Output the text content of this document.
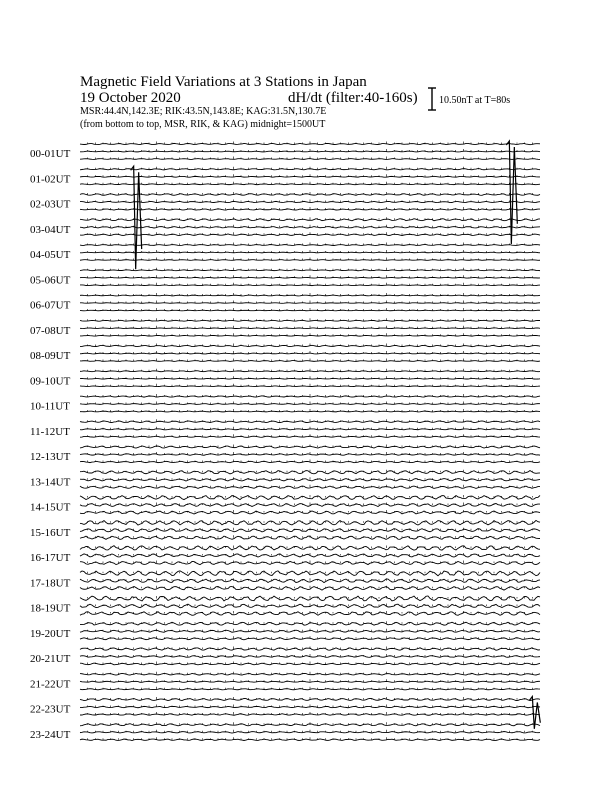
Magnetic Field Variations at 3 Stations in Japan
19 October 2020	dH/dt (filter:40-160s)
MSR:44.4N,142.3E; RIK:43.5N,143.8E; KAG:31.5N,130.7E
(from bottom to top, MSR, RIK, & KAG) midnight=1500UT
10.50nT at T=80s
00-01UT
01-02UT
02-03UT
03-04UT
04-05UT
05-06UT
06-07UT
07-08UT
08-09UT
09-10UT
10-11UT
11-12UT
12-13UT
13-14UT
14-15UT
15-16UT
16-17UT
17-18UT
18-19UT
19-20UT
20-21UT
21-22UT
22-23UT
23-24UT
